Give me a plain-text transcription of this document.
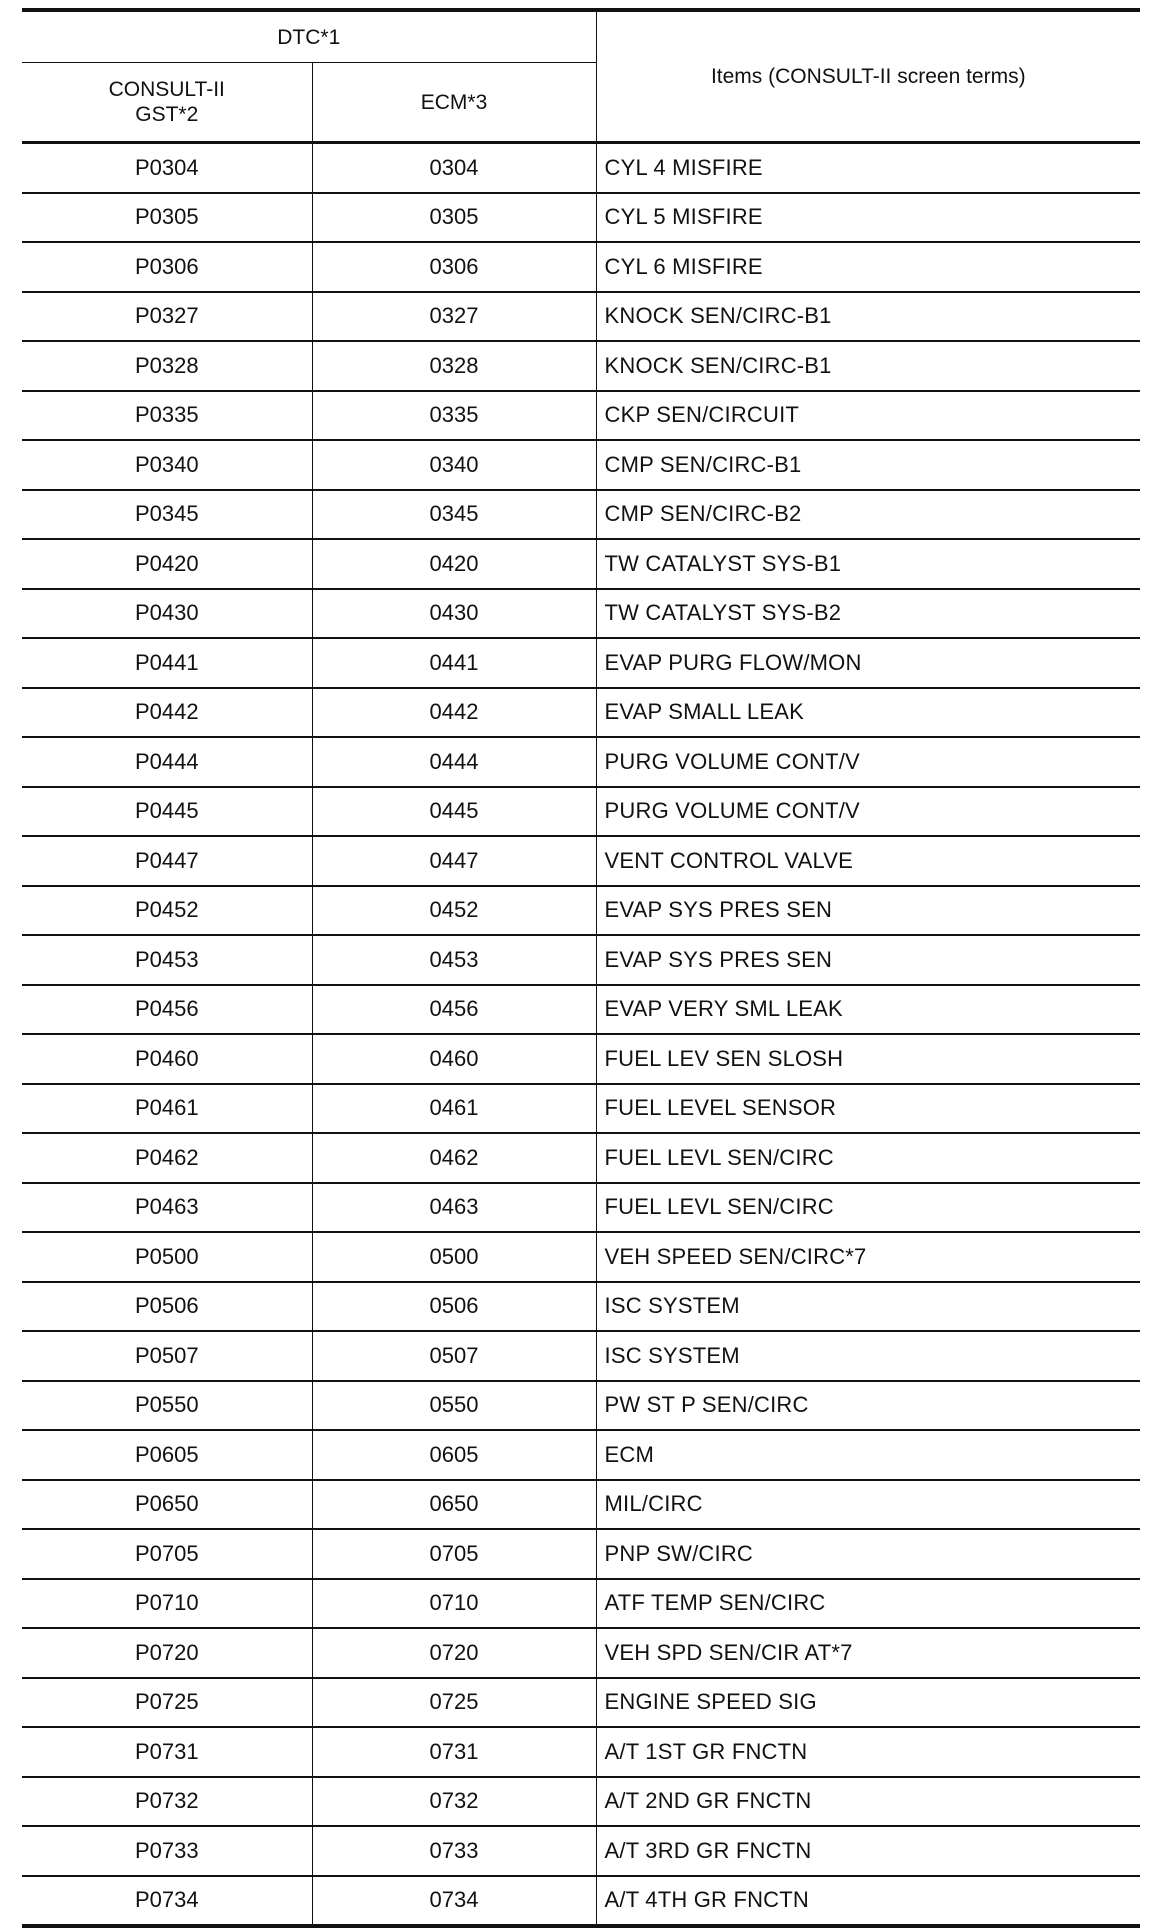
DTC*1		Items (CONSULT-II screen terms)
CONSULT-II
GST*2	ECM*3	
P0304	0304	CYL 4 MISFIRE
P0305	0305	CYL 5 MISFIRE
P0306	0306	CYL 6 MISFIRE
P0327	0327	KNOCK SEN/CIRC-B1
P0328	0328	KNOCK SEN/CIRC-B1
P0335	0335	CKP SEN/CIRCUIT
P0340	0340	CMP SEN/CIRC-B1
P0345	0345	CMP SEN/CIRC-B2
P0420	0420	TW CATALYST SYS-B1
P0430	0430	TW CATALYST SYS-B2
P0441	0441	EVAP PURG FLOW/MON
P0442	0442	EVAP SMALL LEAK
P0444	0444	PURG VOLUME CONT/V
P0445	0445	PURG VOLUME CONT/V
P0447	0447	VENT CONTROL VALVE
P0452	0452	EVAP SYS PRES SEN
P0453	0453	EVAP SYS PRES SEN
P0456	0456	EVAP VERY SML LEAK
P0460	0460	FUEL LEV SEN SLOSH
P0461	0461	FUEL LEVEL SENSOR
P0462	0462	FUEL LEVL SEN/CIRC
P0463	0463	FUEL LEVL SEN/CIRC
P0500	0500	VEH SPEED SEN/CIRC*7
P0506	0506	ISC SYSTEM
P0507	0507	ISC SYSTEM
P0550	0550	PW ST P SEN/CIRC
P0605	0605	ECM
P0650	0650	MIL/CIRC
P0705	0705	PNP SW/CIRC
P0710	0710	ATF TEMP SEN/CIRC
P0720	0720	VEH SPD SEN/CIR AT*7
P0725	0725	ENGINE SPEED SIG
P0731	0731	A/T 1ST GR FNCTN
P0732	0732	A/T 2ND GR FNCTN
P0733	0733	A/T 3RD GR FNCTN
P0734	0734	A/T 4TH GR FNCTN
